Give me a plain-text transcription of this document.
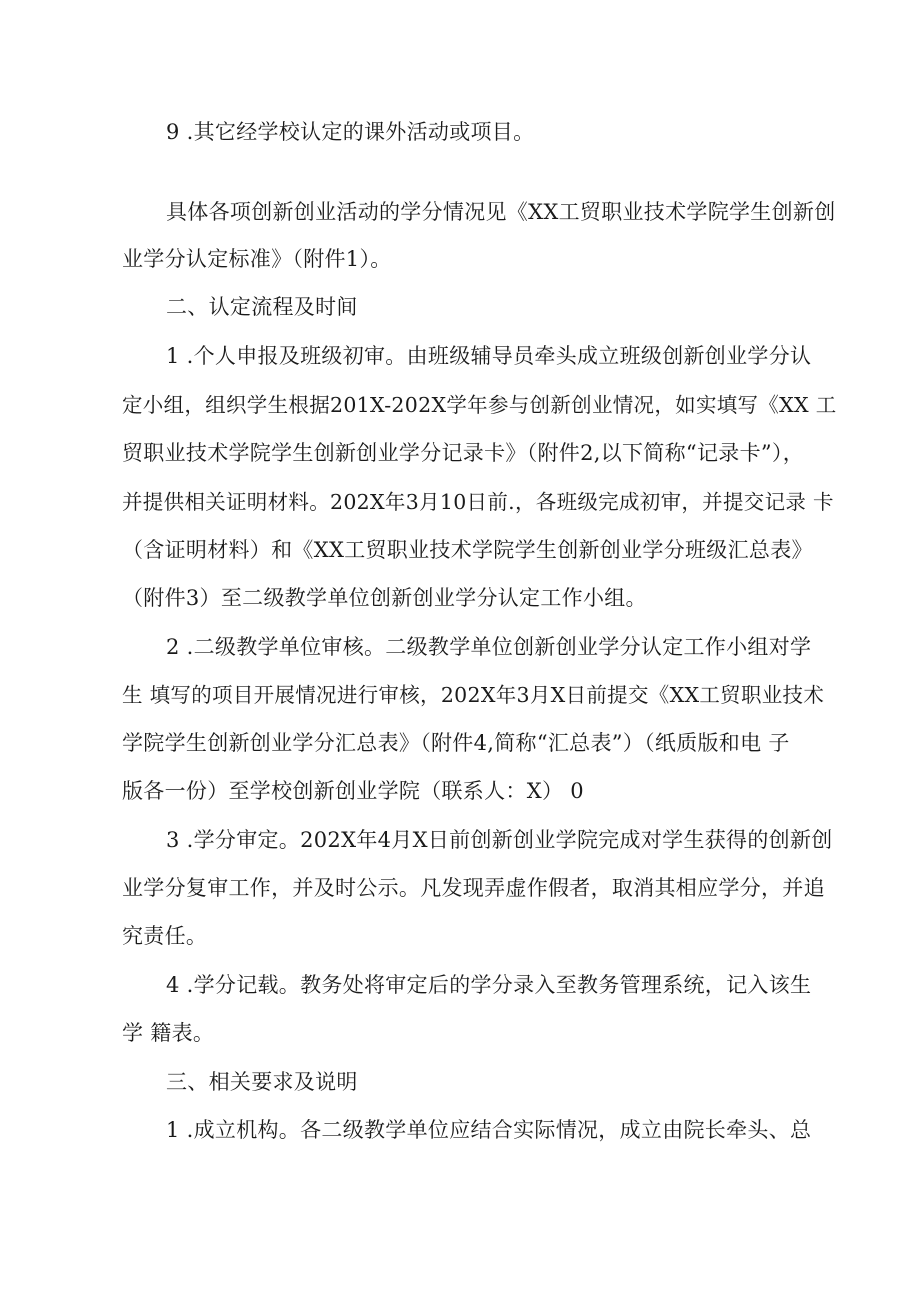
9 .其它经学校认定的课外活动或项目。
具体各项创新创业活动的学分情况见《XX工贸职业技术学院学生创新创
业学分认定标准》（附件1）。
二、认定流程及时间
1 .个人申报及班级初审。由班级辅导员牵头成立班级创新创业学分认
定小组，组织学生根据201X-202X学年参与创新创业情况，如实填写《XX 工
贸职业技术学院学生创新创业学分记录卡》（附件2,以下简称“记录卡”），
并提供相关证明材料。202X年3月10日前.，各班级完成初审，并提交记录 卡
（含证明材料）和《XX工贸职业技术学院学生创新创业学分班级汇总表》
（附件3）至二级教学单位创新创业学分认定工作小组。
2 .二级教学单位审核。二级教学单位创新创业学分认定工作小组对学
生 填写的项目开展情况进行审核，202X年3月X日前提交《XX工贸职业技术
学院学生创新创业学分汇总表》（附件4,简称“汇总表”）（纸质版和电 子
版各一份）至学校创新创业学院（联系人：X） 0
3 .学分审定。202X年4月X日前创新创业学院完成对学生获得的创新创
业学分复审工作，并及时公示。凡发现弄虚作假者，取消其相应学分，并追
究责任。
4 .学分记载。教务处将审定后的学分录入至教务管理系统，记入该生
学 籍表。
三、相关要求及说明
1 .成立机构。各二级教学单位应结合实际情况，成立由院长牵头、总
